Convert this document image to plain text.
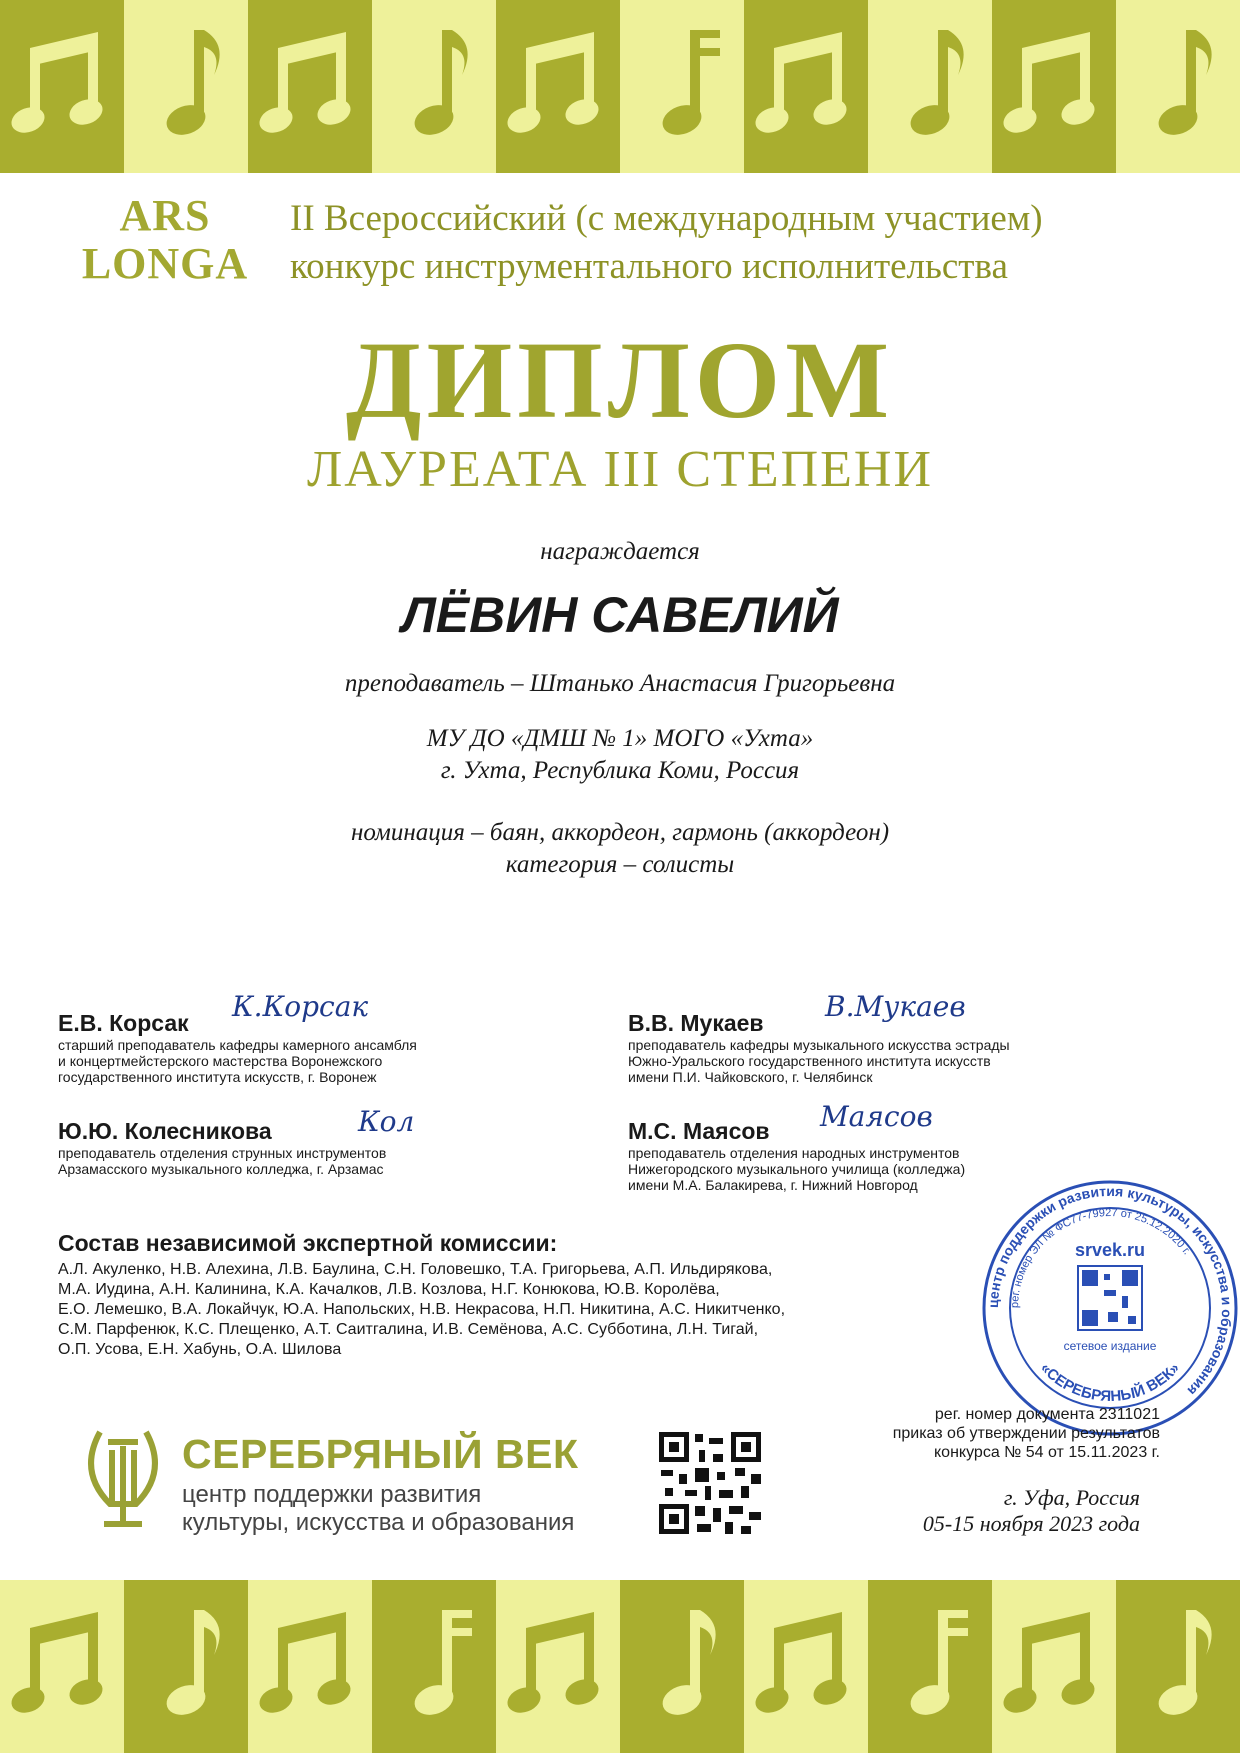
ARS
LONGA
II Всероссийский (с международным участием)
конкурс инструментального исполнительства
ДИПЛОМ
ЛАУРЕАТА III СТЕПЕНИ
награждается
ЛЁВИН САВЕЛИЙ
преподаватель – Штанько Анастасия Григорьевна
МУ ДО «ДМШ № 1» МОГО «Ухта»
г. Ухта, Республика Коми, Россия
номинация – баян, аккордеон, гармонь (аккордеон)
категория – солисты
Е.В. Корсак
старший преподаватель кафедры камерного ансамбля
и концертмейстерского мастерства Воронежского
государственного института искусств, г. Воронеж
К.Корсак	В.В. Мукаев
преподаватель кафедры музыкального искусства эстрады
Южно-Уральского государственного института искусств
имени П.И. Чайковского, г. Челябинск
В.Мукаев
Ю.Ю. Колесникова
преподаватель отделения струнных инструментов
Арзамасского музыкального колледжа, г. Арзамас
Кол	М.С. Маясов
преподаватель отделения народных инструментов
Нижегородского музыкального училища (колледжа)
имени М.А. Балакирева, г. Нижний Новгород
Маясов
Состав независимой экспертной комиссии:
А.Л. Акуленко, Н.В. Алехина, Л.В. Баулина, С.Н. Головешко, Т.А. Григорьева, А.П. Ильдирякова,
М.А. Иудина, А.Н. Калинина, К.А. Качалков, Л.В. Козлова, Н.Г. Конюкова, Ю.В. Королёва,
Е.О. Лемешко, В.А. Локайчук, Ю.А. Напольских, Н.В. Некрасова, Н.П. Никитина, А.С. Никитченко,
С.М. Парфенюк, К.С. Плещенко, А.Т. Саитгалина, И.В. Семёнова, А.С. Субботина, Л.Н. Тигай,
О.П. Усова, Е.Н. Хабунь, О.А. Шилова
центр поддержки развития культуры, искусства и образования
рег. номер ЭЛ № ФС77-79927 от 25.12.2020 г.
srvek.ru
сетевое издание
«СЕРЕБРЯНЫЙ ВЕК»
СЕРЕБРЯНЫЙ ВЕК
центр поддержки развития
культуры, искусства и образования
рег. номер документа 2311021
приказ об утверждении результатов
конкурса № 54 от 15.11.2023 г.
г. Уфа, Россия
05-15 ноября 2023 года
